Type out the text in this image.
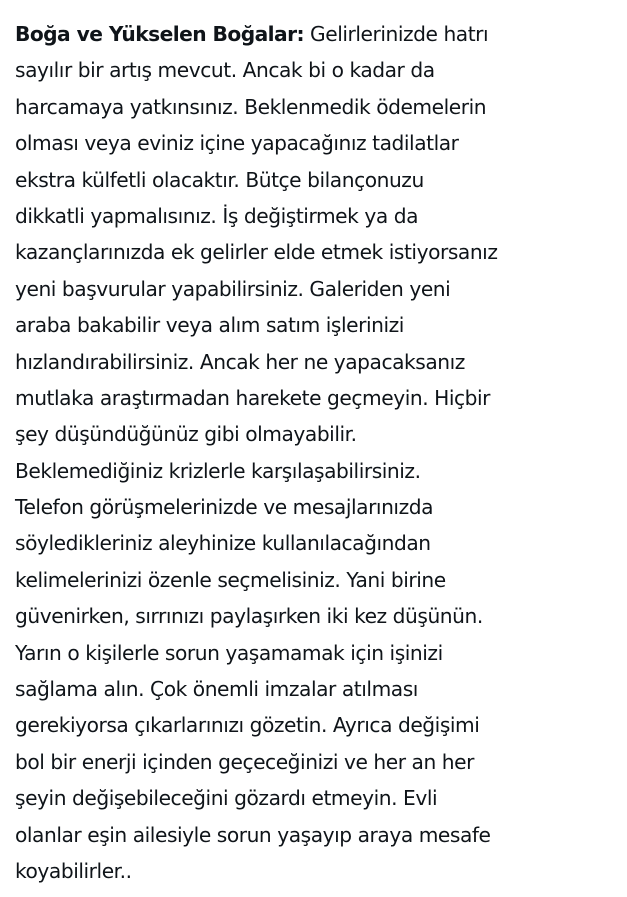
Boğa ve Yükselen Boğalar: Gelirlerinizde hatrı
sayılır bir artış mevcut. Ancak bi o kadar da
harcamaya yatkınsınız. Beklenmedik ödemelerin
olması veya eviniz içine yapacağınız tadilatlar
ekstra külfetli olacaktır. Bütçe bilançonuzu
dikkatli yapmalısınız. İş değiştirmek ya da
kazançlarınızda ek gelirler elde etmek istiyorsanız
yeni başvurular yapabilirsiniz. Galeriden yeni
araba bakabilir veya alım satım işlerinizi
hızlandırabilirsiniz. Ancak her ne yapacaksanız
mutlaka araştırmadan harekete geçmeyin. Hiçbir
şey düşündüğünüz gibi olmayabilir.
Beklemediğiniz krizlerle karşılaşabilirsiniz.
Telefon görüşmelerinizde ve mesajlarınızda
söyledikleriniz aleyhinize kullanılacağından
kelimelerinizi özenle seçmelisiniz. Yani birine
güvenirken, sırrınızı paylaşırken iki kez düşünün.
Yarın o kişilerle sorun yaşamamak için işinizi
sağlama alın. Çok önemli imzalar atılması
gerekiyorsa çıkarlarınızı gözetin. Ayrıca değişimi
bol bir enerji içinden geçeceğinizi ve her an her
şeyin değişebileceğini gözardı etmeyin. Evli
olanlar eşin ailesiyle sorun yaşayıp araya mesafe
koyabilirler..
